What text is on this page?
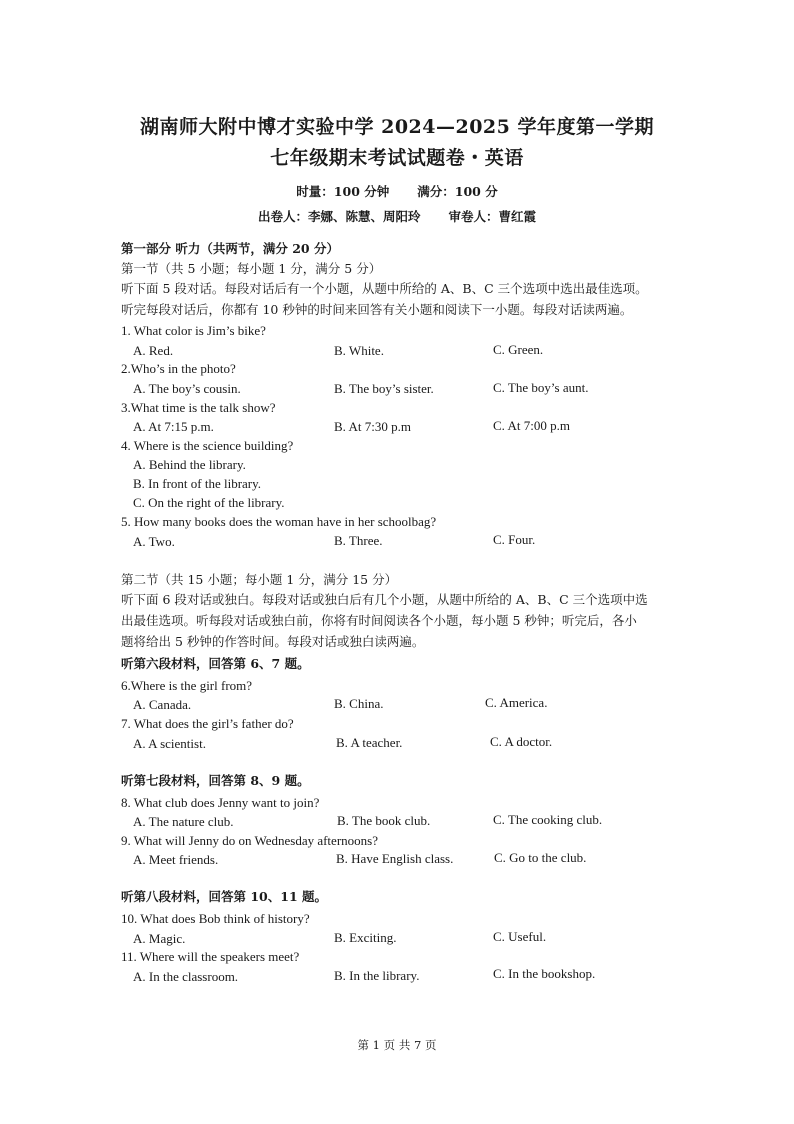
湖南师大附中博才实验中学 2024—2025 学年度第一学期
七年级期末考试试题卷・英语
时量：100 分钟 满分：100 分
出卷人：李娜、陈慧、周阳玲 审卷人：曹红霞
第一部分 听力（共两节，满分 20 分）
第一节（共 5 小题；每小题 1 分，满分 5 分）
听下面 5 段对话。每段对话后有一个小题，从题中所给的 A、B、C 三个选项中选出最佳选项。
听完每段对话后，你都有 10 秒钟的时间来回答有关小题和阅读下一小题。每段对话读两遍。
1. What color is Jim’s bike?
A. Red.	B. White.	C. Green.
2.Who’s in the photo?
A. The boy’s cousin.	B. The boy’s sister.	C. The boy’s aunt.
3.What time is the talk show?
A. At 7:15 p.m.	B. At 7:30 p.m	C. At 7:00 p.m
4. Where is the science building?
A. Behind the library.
B. In front of the library.
C. On the right of the library.
5. How many books does the woman have in her schoolbag?
A. Two.	B. Three.	C. Four.
第二节（共 15 小题；每小题 1 分，满分 15 分）
听下面 6 段对话或独白。每段对话或独白后有几个小题，从题中所给的 A、B、C 三个选项中选
出最佳选项。听每段对话或独白前，你将有时间阅读各个小题，每小题 5 秒钟；听完后，各小
题将给出 5 秒钟的作答时间。每段对话或独白读两遍。
听第六段材料，回答第 6、7 题。
6.Where is the girl from?
A. Canada.	B. China.	C. America.
7. What does the girl’s father do?
A. A scientist.	B. A teacher.	C. A doctor.
听第七段材料，回答第 8、9 题。
8. What club does Jenny want to join?
A. The nature club.	B. The book club.	C. The cooking club.
9. What will Jenny do on Wednesday afternoons?
A. Meet friends.	B. Have English class.	C. Go to the club.
听第八段材料，回答第 10、11 题。
10. What does Bob think of history?
A. Magic.	B. Exciting.	C. Useful.
11. Where will the speakers meet?
A. In the classroom.	B. In the library.	C. In the bookshop.
第 1 页 共 7 页
